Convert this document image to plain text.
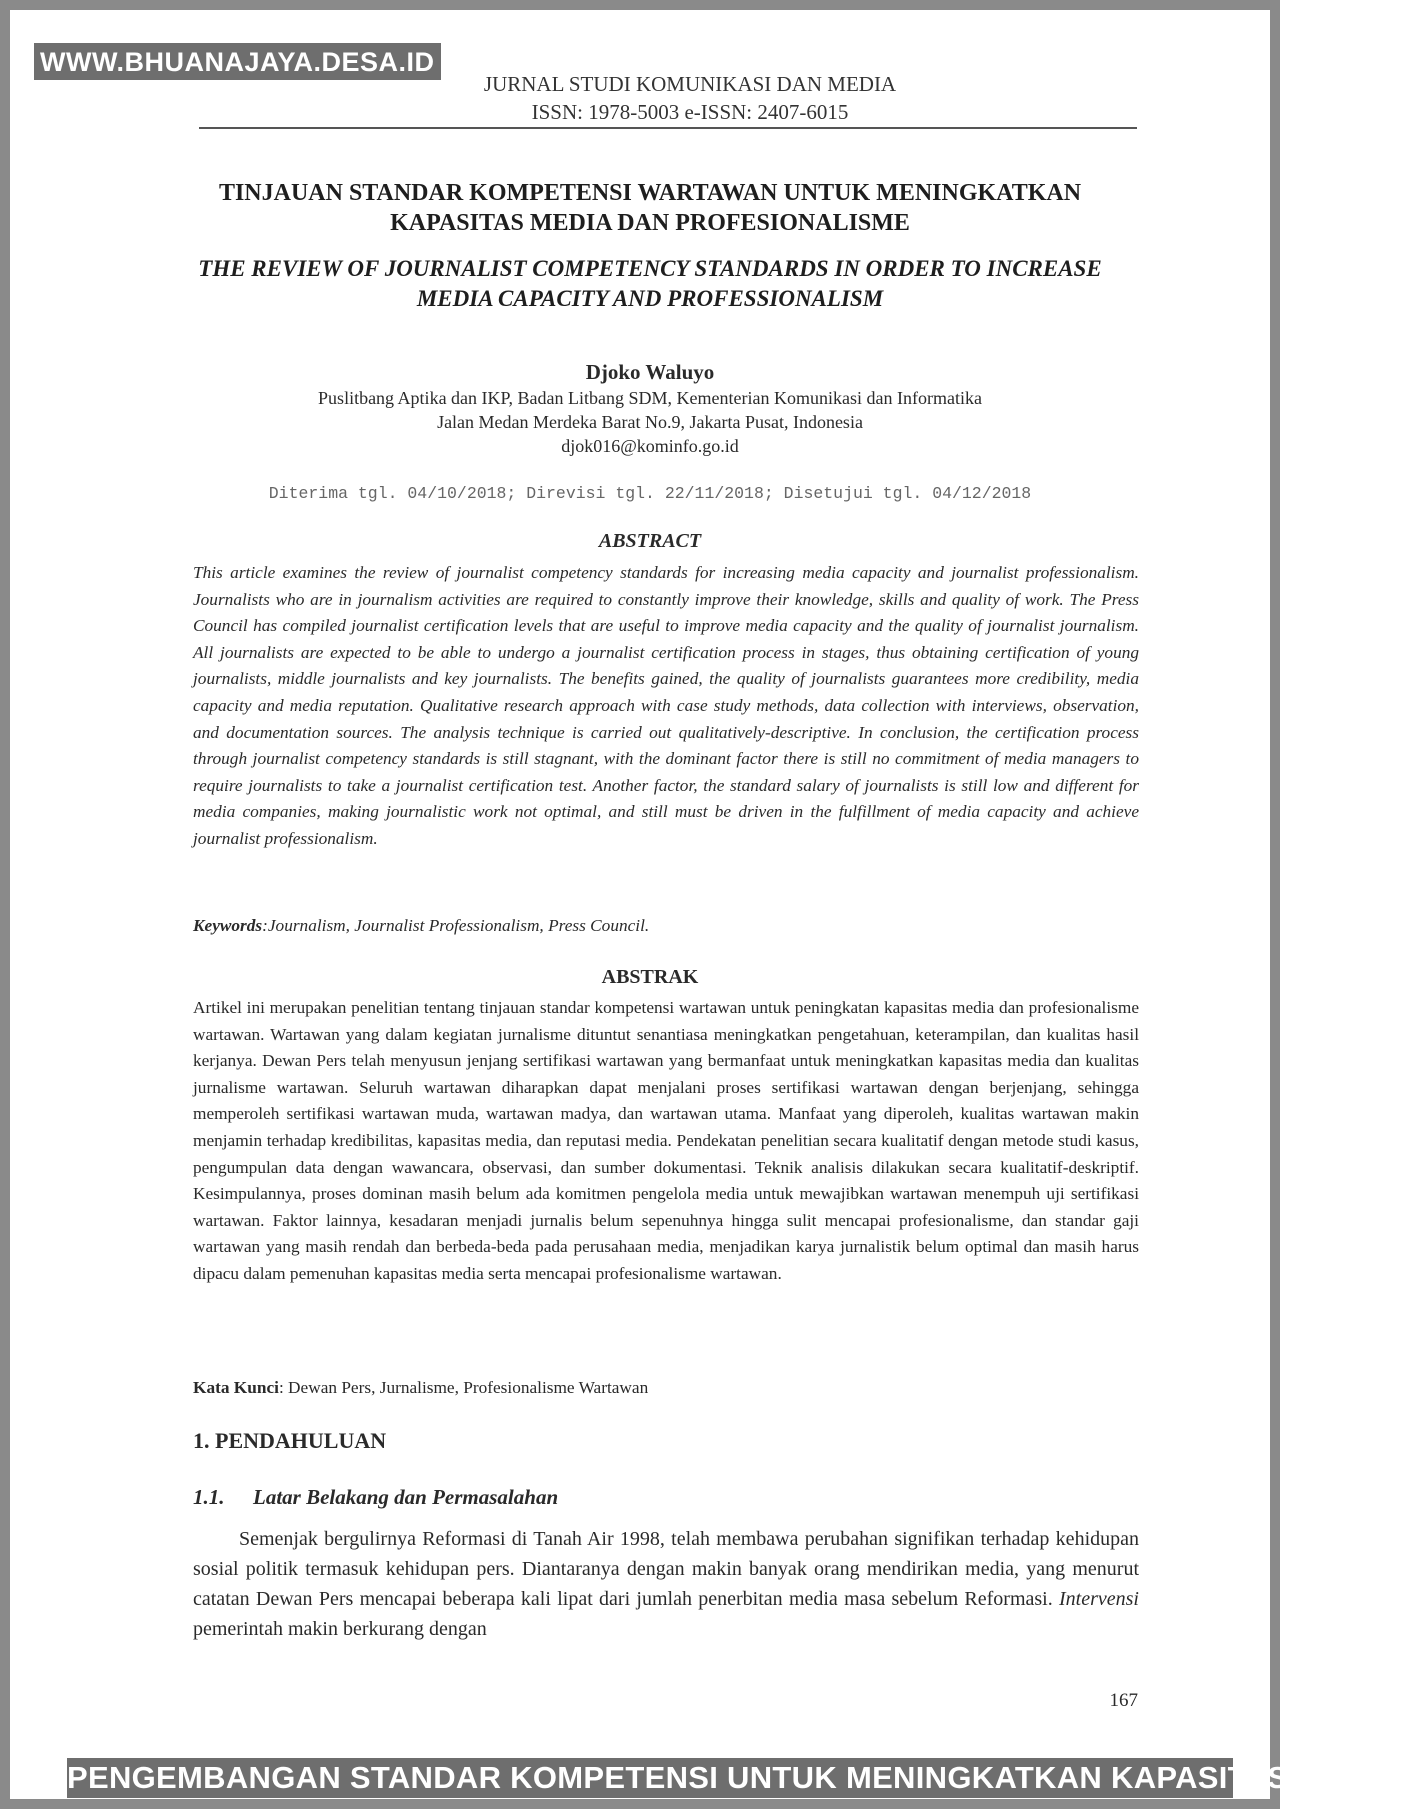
WWW.BHUANAJAYA.DESA.ID
JURNAL STUDI KOMUNIKASI DAN MEDIA
ISSN: 1978-5003 e-ISSN: 2407-6015
TINJAUAN STANDAR KOMPETENSI WARTAWAN UNTUK MENINGKATKAN KAPASITAS MEDIA DAN PROFESIONALISME
THE REVIEW OF JOURNALIST COMPETENCY STANDARDS IN ORDER TO INCREASE MEDIA CAPACITY AND PROFESSIONALISM
Djoko Waluyo
Puslitbang Aptika dan IKP, Badan Litbang SDM, Kementerian Komunikasi dan Informatika
Jalan Medan Merdeka Barat No.9, Jakarta Pusat, Indonesia
djok016@kominfo.go.id
Diterima tgl. 04/10/2018; Direvisi tgl. 22/11/2018; Disetujui tgl. 04/12/2018
ABSTRACT

This article examines the review of journalist competency standards for increasing media capacity and journalist professionalism. Journalists who are in journalism activities are required to constantly improve their knowledge, skills and quality of work. The Press Council has compiled journalist certification levels that are useful to improve media capacity and the quality of journalist journalism. All journalists are expected to be able to undergo a journalist certification process in stages, thus obtaining certification of young journalists, middle journalists and key journalists. The benefits gained, the quality of journalists guarantees more credibility, media capacity and media reputation. Qualitative research approach with case study methods, data collection with interviews, observation, and documentation sources. The analysis technique is carried out qualitatively-descriptive. In conclusion, the certification process through journalist competency standards is still stagnant, with the dominant factor there is still no commitment of media managers to require journalists to take a journalist certification test. Another factor, the standard salary of journalists is still low and different for media companies, making journalistic work not optimal, and still must be driven in the fulfillment of media capacity and achieve journalist professionalism.

Keywords:Journalism, Journalist Professionalism, Press Council.

ABSTRAK

Artikel ini merupakan penelitian tentang tinjauan standar kompetensi wartawan untuk peningkatan kapasitas media dan profesionalisme wartawan. Wartawan yang dalam kegiatan jurnalisme dituntut senantiasa meningkatkan pengetahuan, keterampilan, dan kualitas hasil kerjanya. Dewan Pers telah menyusun jenjang sertifikasi wartawan yang bermanfaat untuk meningkatkan kapasitas media dan kualitas jurnalisme wartawan. Seluruh wartawan diharapkan dapat menjalani proses sertifikasi wartawan dengan berjenjang, sehingga memperoleh sertifikasi wartawan muda, wartawan madya, dan wartawan utama. Manfaat yang diperoleh, kualitas wartawan makin menjamin terhadap kredibilitas, kapasitas media, dan reputasi media. Pendekatan penelitian secara kualitatif dengan metode studi kasus, pengumpulan data dengan wawancara, observasi, dan sumber dokumentasi. Teknik analisis dilakukan secara kualitatif-deskriptif. Kesimpulannya, proses dominan masih belum ada komitmen pengelola media untuk mewajibkan wartawan menempuh uji sertifikasi wartawan. Faktor lainnya, kesadaran menjadi jurnalis belum sepenuhnya hingga sulit mencapai profesionalisme, dan standar gaji wartawan yang masih rendah dan berbeda-beda pada perusahaan media, menjadikan karya jurnalistik belum optimal dan masih harus dipacu dalam pemenuhan kapasitas media serta mencapai profesionalisme wartawan.

Kata Kunci: Dewan Pers, Jurnalisme, Profesionalisme Wartawan

1. PENDAHULUAN
1.1. Latar Belakang dan Permasalahan

Semenjak bergulirnya Reformasi di Tanah Air 1998, telah membawa perubahan signifikan terhadap kehidupan sosial politik termasuk kehidupan pers. Diantaranya dengan makin banyak orang mendirikan media, yang menurut catatan Dewan Pers mencapai beberapa kali lipat dari jumlah penerbitan media masa sebelum Reformasi. Intervensi pemerintah makin berkurang dengan

167
PENGEMBANGAN STANDAR KOMPETENSI UNTUK MENINGKATKAN KAPASITAS LINMAS
